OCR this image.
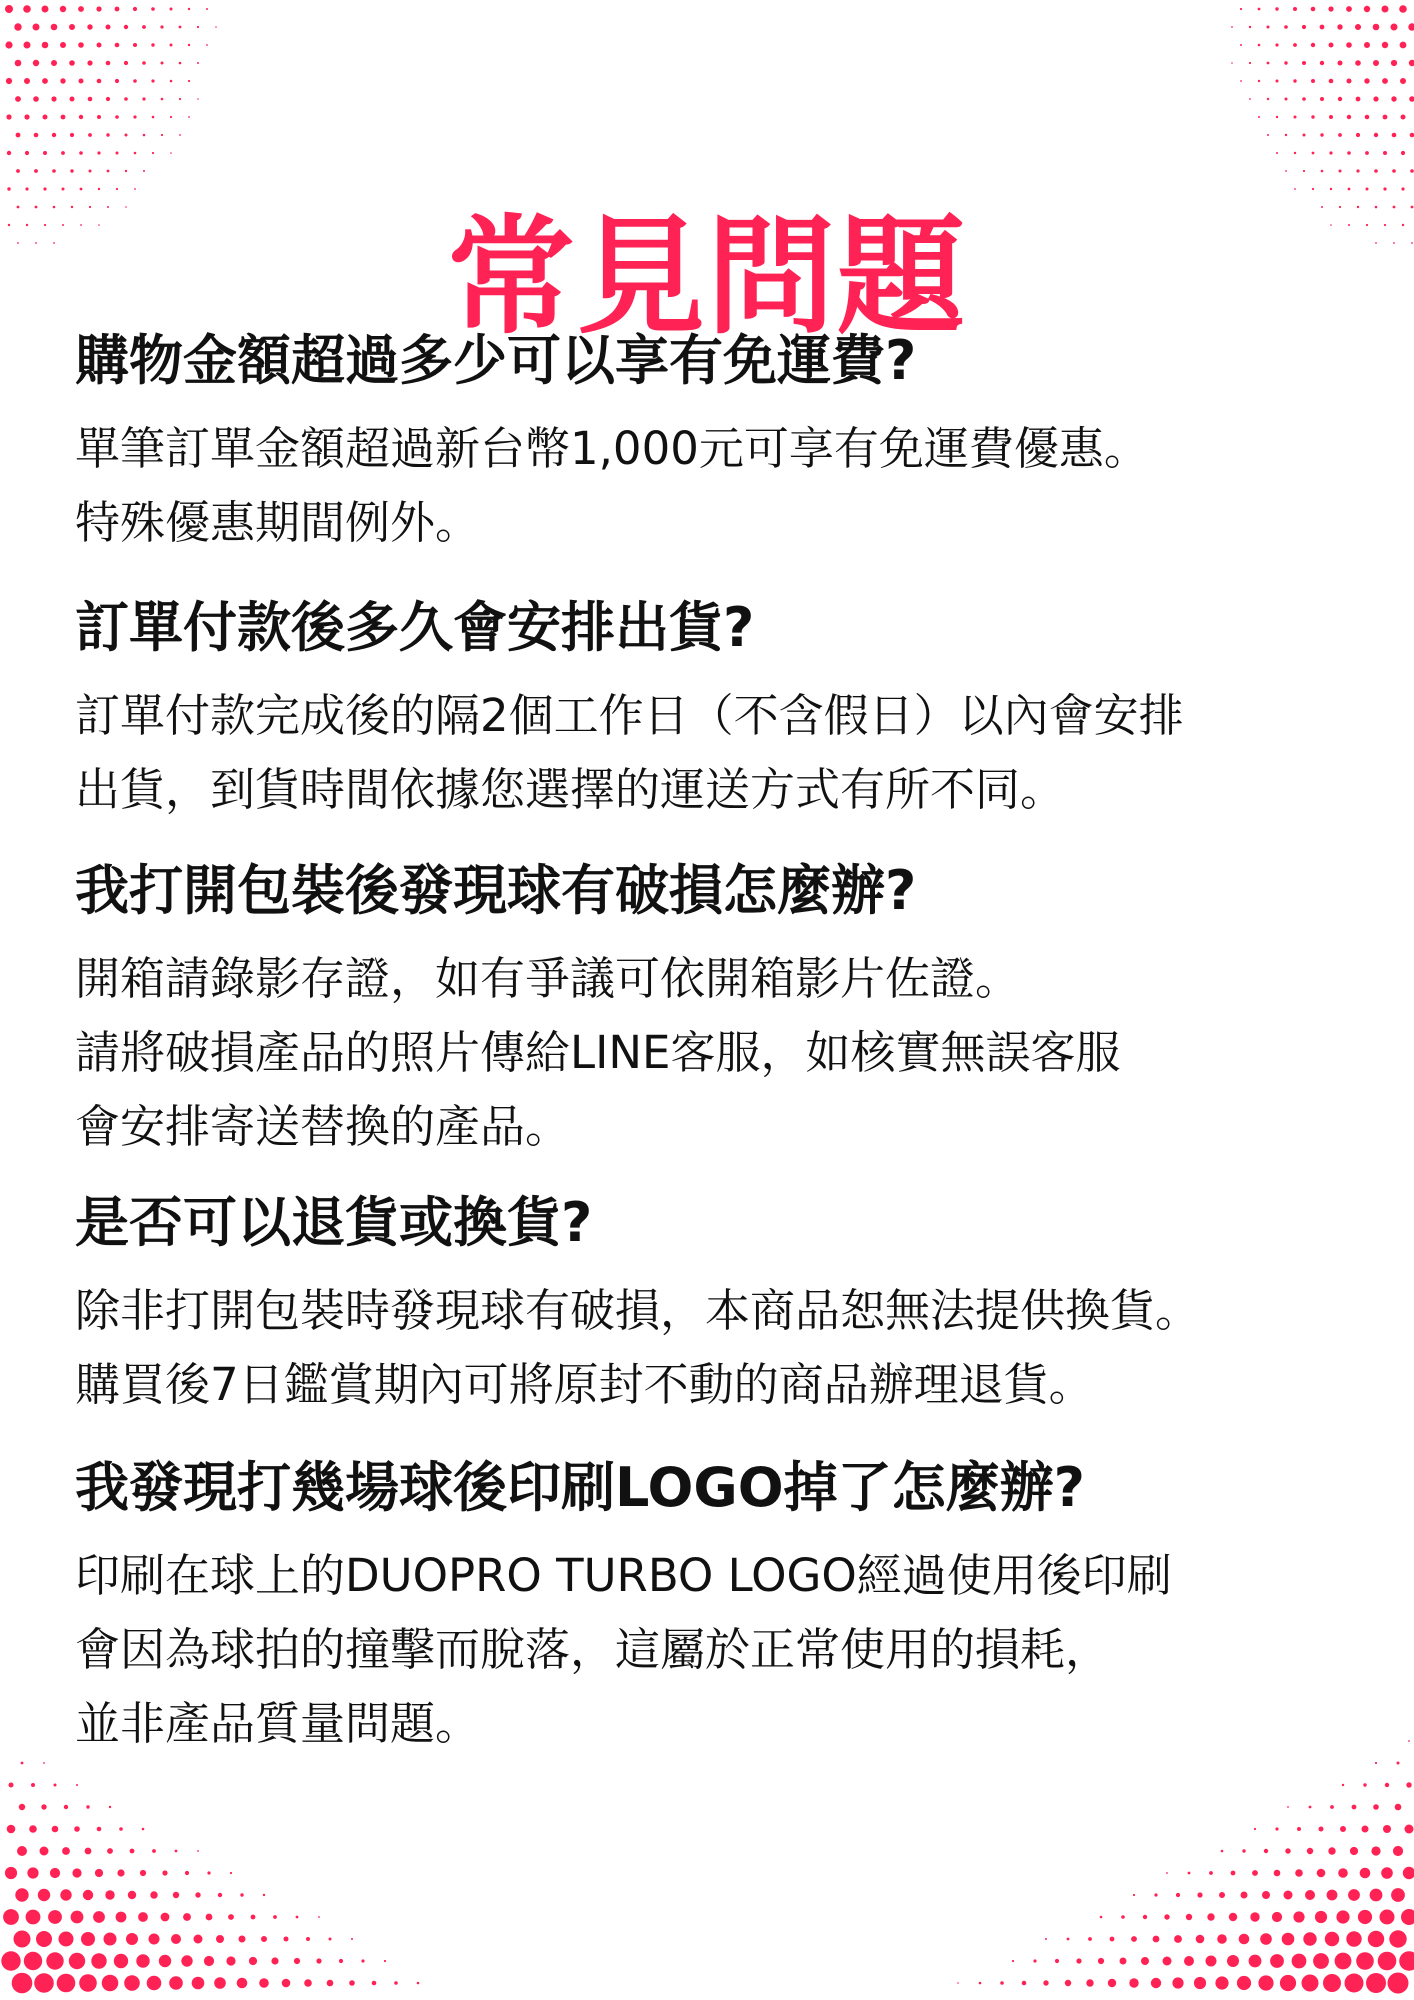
常見問題
購物金額超過多少可以享有免運費?
單筆訂單金額超過新台幣1,000元可享有免運費優惠。
特殊優惠期間例外。
訂單付款後多久會安排出貨?
訂單付款完成後的隔2個工作日（不含假日）以內會安排
出貨，到貨時間依據您選擇的運送方式有所不同。
我打開包裝後發現球有破損怎麼辦?
開箱請錄影存證，如有爭議可依開箱影片佐證。
請將破損產品的照片傳給LINE客服，如核實無誤客服
會安排寄送替換的產品。
是否可以退貨或換貨?
除非打開包裝時發現球有破損，本商品恕無法提供換貨。
購買後7日鑑賞期內可將原封不動的商品辦理退貨。
我發現打幾場球後印刷LOGO掉了怎麼辦?
印刷在球上的DUOPRO TURBO LOGO經過使用後印刷
會因為球拍的撞擊而脫落，這屬於正常使用的損耗，
並非產品質量問題。
